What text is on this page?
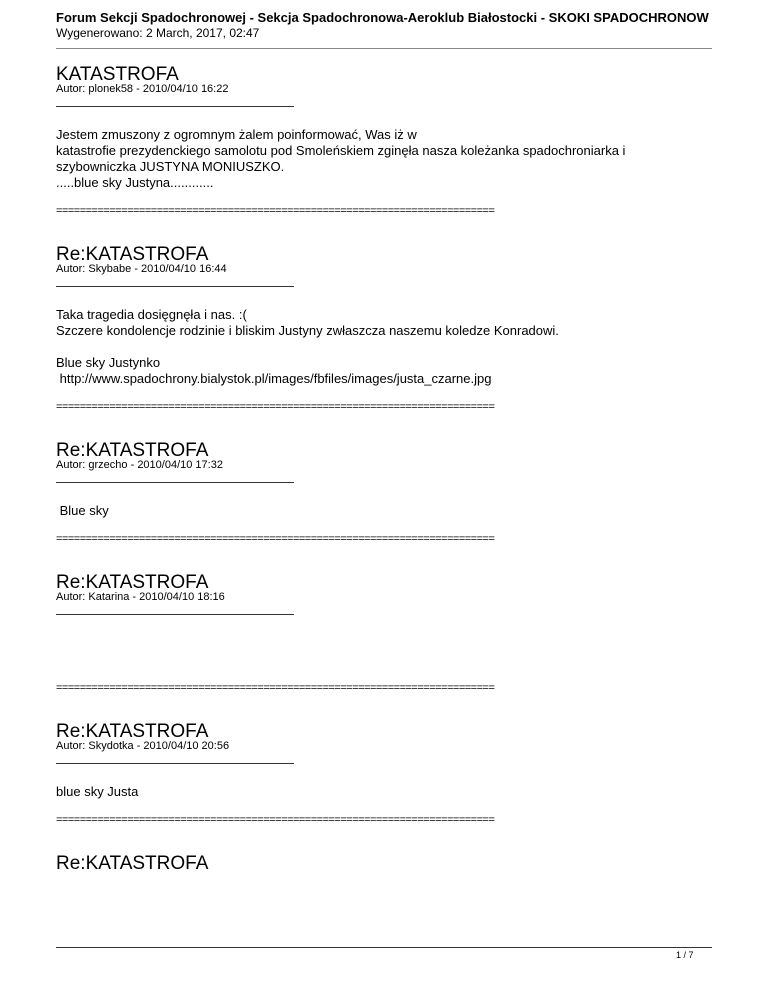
Forum Sekcji Spadochronowej - Sekcja Spadochronowa-Aeroklub Białostocki - SKOKI SPADOCHRONOW
Wygenerowano: 2 March, 2017, 02:47
KATASTROFA
Autor: plonek58 - 2010/04/10 16:22

Jestem zmuszony z ogromnym żalem poinformować, Was iż w

katastrofie prezydenckiego samolotu pod Smoleńskiem zginęła nasza koleżanka spadochroniarka i

szybowniczka JUSTYNA MONIUSZKO.

.....blue sky Justyna............

==========================================================================
Re:KATASTROFA
Autor: Skybabe - 2010/04/10 16:44

Taka tragedia dosięgnęła i nas. :(

Szczere kondolencje rodzinie i bliskim Justyny zwłaszcza naszemu koledze Konradowi.

Blue sky Justynko

http://www.spadochrony.bialystok.pl/images/fbfiles/images/justa_czarne.jpg

==========================================================================
Re:KATASTROFA
Autor: grzecho - 2010/04/10 17:32

Blue sky

==========================================================================
Re:KATASTROFA
Autor: Katarina - 2010/04/10 18:16
==========================================================================
Re:KATASTROFA
Autor: Skydotka - 2010/04/10 20:56

blue sky Justa

==========================================================================
Re:KATASTROFA
1 / 7
